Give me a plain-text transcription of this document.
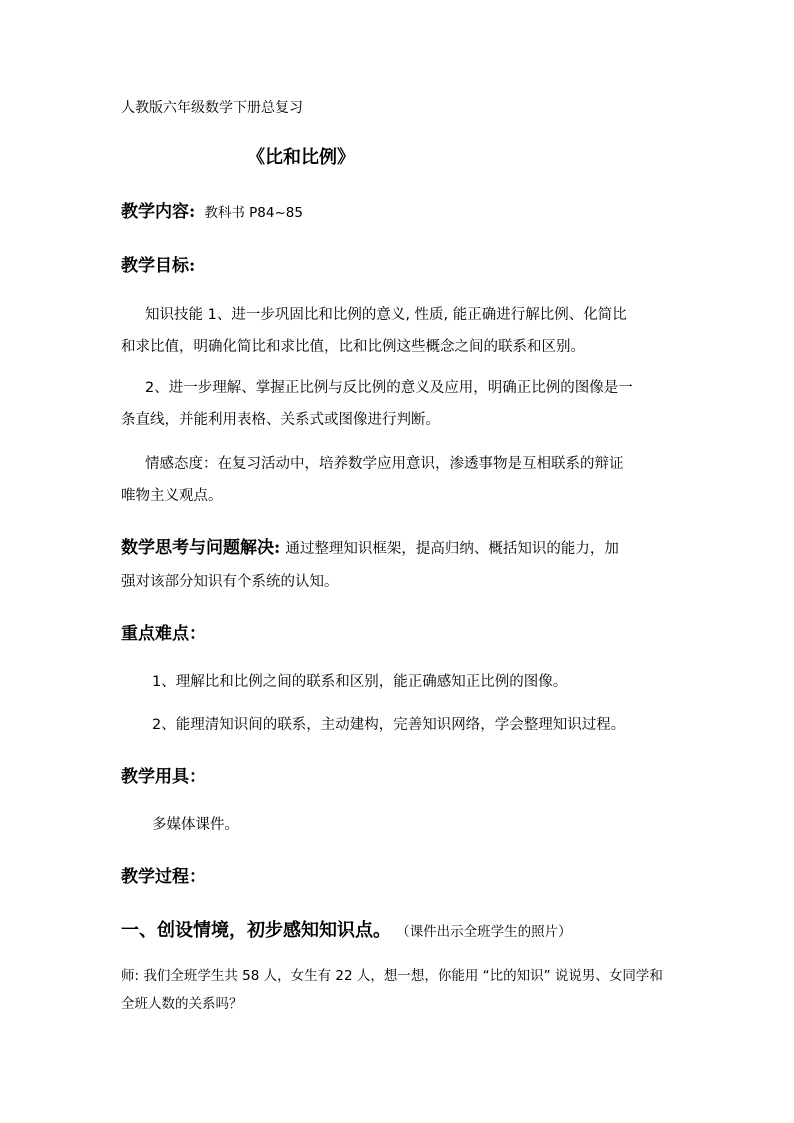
人教版六年级数学下册总复习
《比和比例》
教学内容: 教科书 P84~85
教学目标:
知识技能 1、进一步巩固比和比例的意义, 性质, 能正确进行解比例、化简比
和求比值，明确化简比和求比值，比和比例这些概念之间的联系和区别。
2、进一步理解、掌握正比例与反比例的意义及应用，明确正比例的图像是一
条直线，并能利用表格、关系式或图像进行判断。
情感态度：在复习活动中，培养数学应用意识，渗透事物是互相联系的辩证
唯物主义观点。
数学思考与问题解决: 通过整理知识框架，提高归纳、概括知识的能力，加
强对该部分知识有个系统的认知。
重点难点：
1、理解比和比例之间的联系和区别，能正确感知正比例的图像。
2、能理清知识间的联系，主动建构，完善知识网络，学会整理知识过程。
教学用具：
多媒体课件。
教学过程：
一、创设情境，初步感知知识点。 （课件出示全班学生的照片）
师: 我们全班学生共 58 人，女生有 22 人，想一想，你能用 “比的知识” 说说男、女同学和
全班人数的关系吗？
